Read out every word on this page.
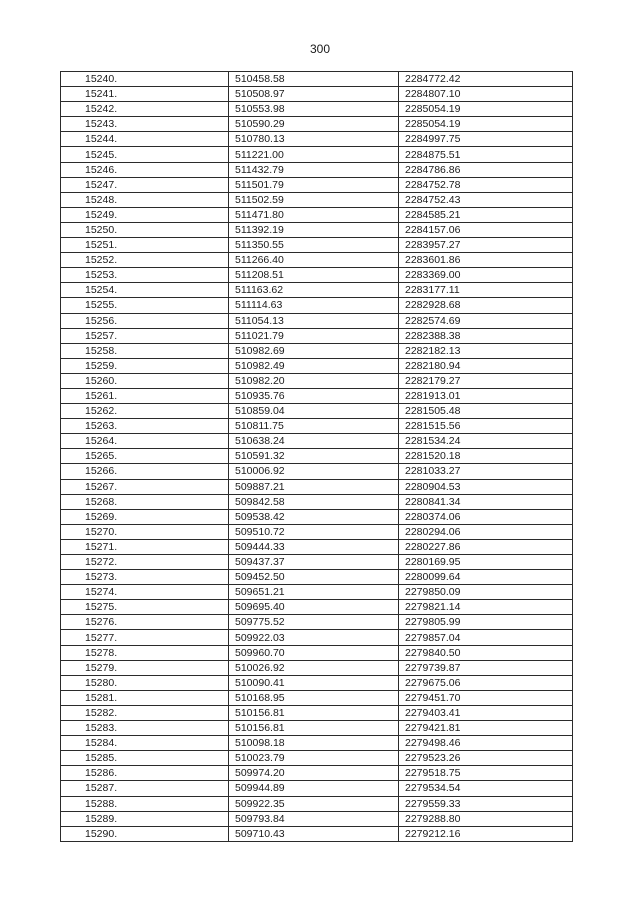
300
15240.	510458.58	2284772.42
15241.	510508.97	2284807.10
15242.	510553.98	2285054.19
15243.	510590.29	2285054.19
15244.	510780.13	2284997.75
15245.	511221.00	2284875.51
15246.	511432.79	2284786.86
15247.	511501.79	2284752.78
15248.	511502.59	2284752.43
15249.	511471.80	2284585.21
15250.	511392.19	2284157.06
15251.	511350.55	2283957.27
15252.	511266.40	2283601.86
15253.	511208.51	2283369.00
15254.	511163.62	2283177.11
15255.	511114.63	2282928.68
15256.	511054.13	2282574.69
15257.	511021.79	2282388.38
15258.	510982.69	2282182.13
15259.	510982.49	2282180.94
15260.	510982.20	2282179.27
15261.	510935.76	2281913.01
15262.	510859.04	2281505.48
15263.	510811.75	2281515.56
15264.	510638.24	2281534.24
15265.	510591.32	2281520.18
15266.	510006.92	2281033.27
15267.	509887.21	2280904.53
15268.	509842.58	2280841.34
15269.	509538.42	2280374.06
15270.	509510.72	2280294.06
15271.	509444.33	2280227.86
15272.	509437.37	2280169.95
15273.	509452.50	2280099.64
15274.	509651.21	2279850.09
15275.	509695.40	2279821.14
15276.	509775.52	2279805.99
15277.	509922.03	2279857.04
15278.	509960.70	2279840.50
15279.	510026.92	2279739.87
15280.	510090.41	2279675.06
15281.	510168.95	2279451.70
15282.	510156.81	2279403.41
15283.	510156.81	2279421.81
15284.	510098.18	2279498.46
15285.	510023.79	2279523.26
15286.	509974.20	2279518.75
15287.	509944.89	2279534.54
15288.	509922.35	2279559.33
15289.	509793.84	2279288.80
15290.	509710.43	2279212.16
